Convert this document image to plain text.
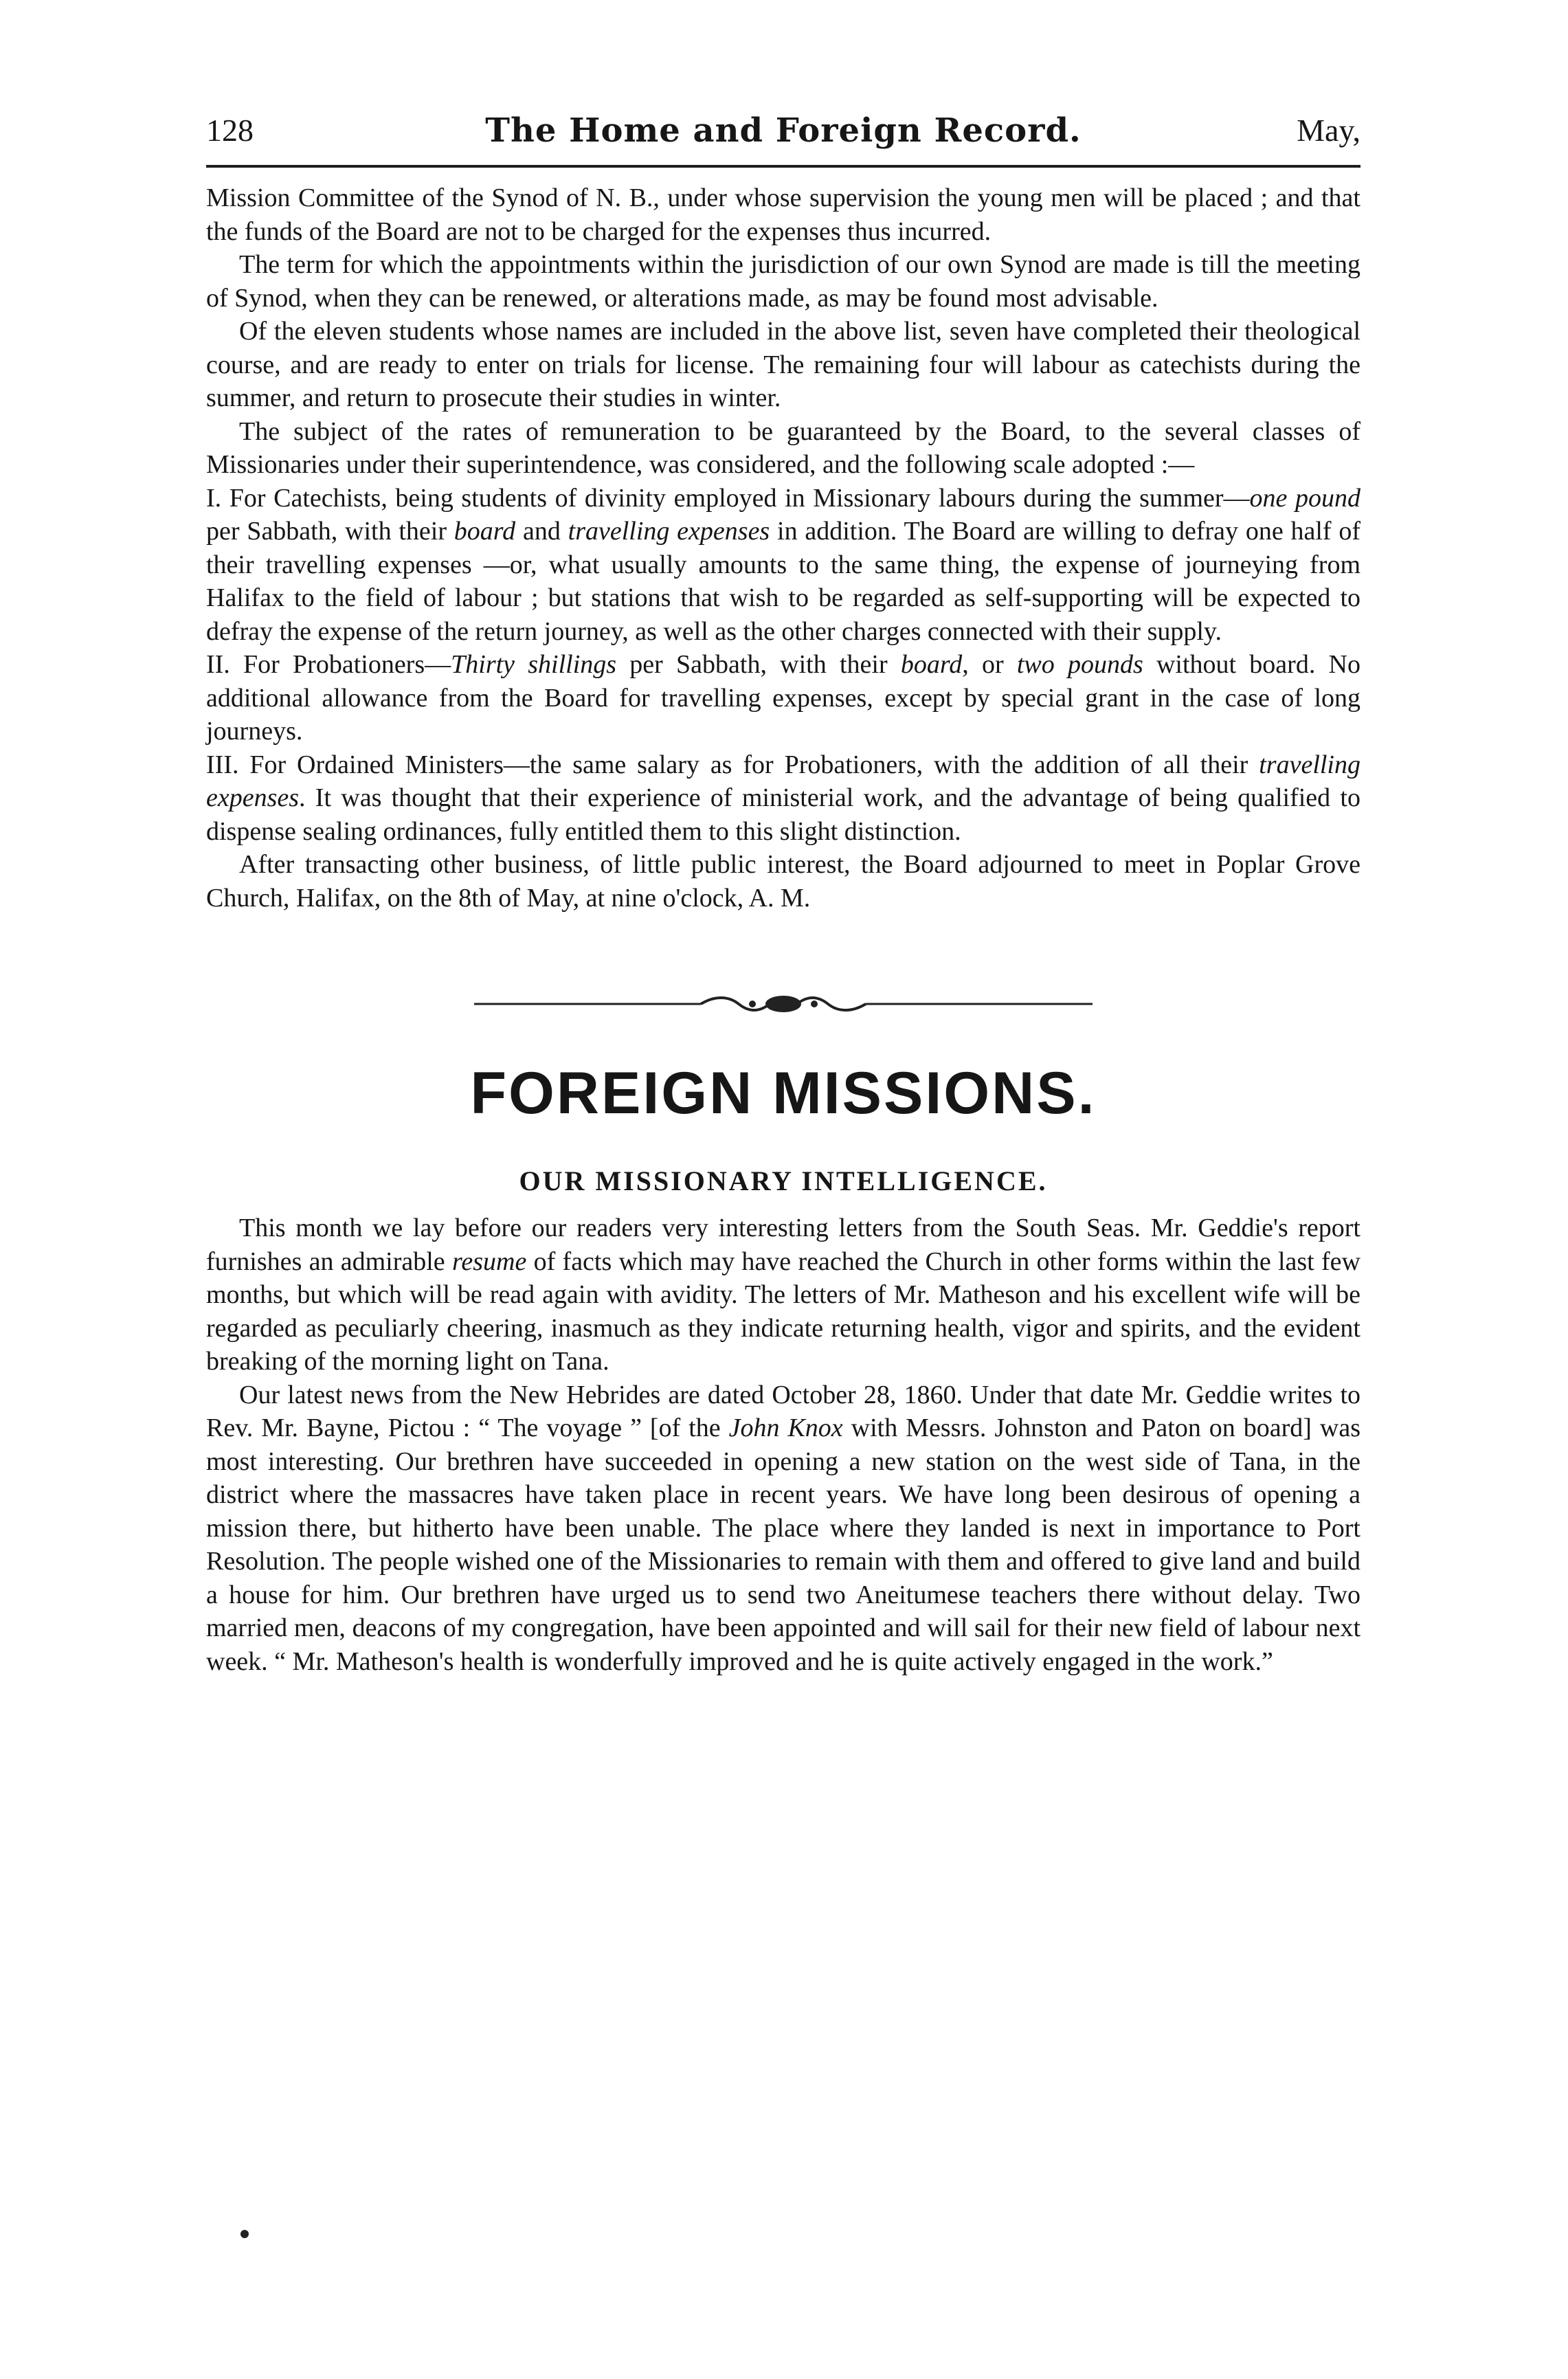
128	The Home and Foreign Record.	May,

Mission Committee of the Synod of N. B., under whose supervision the young men will be placed ; and that the funds of the Board are not to be charged for the expenses thus incurred.

The term for which the appointments within the jurisdiction of our own Synod are made is till the meeting of Synod, when they can be renewed, or alterations made, as may be found most advisable.

Of the eleven students whose names are included in the above list, seven have completed their theological course, and are ready to enter on trials for license. The remaining four will labour as catechists during the summer, and return to prosecute their studies in winter.

The subject of the rates of remuneration to be guaranteed by the Board, to the several classes of Missionaries under their superintendence, was considered, and the following scale adopted :—

I. For Catechists, being students of divinity employed in Missionary labours during the summer—one pound per Sabbath, with their board and travelling expenses in addition. The Board are willing to defray one half of their travelling expenses —or, what usually amounts to the same thing, the expense of journeying from Halifax to the field of labour ; but stations that wish to be regarded as self-supporting will be expected to defray the expense of the return journey, as well as the other charges connected with their supply.

II. For Probationers—Thirty shillings per Sabbath, with their board, or two pounds without board. No additional allowance from the Board for travelling expenses, except by special grant in the case of long journeys.

III. For Ordained Ministers—the same salary as for Probationers, with the addition of all their travelling expenses. It was thought that their experience of ministerial work, and the advantage of being qualified to dispense sealing ordinances, fully entitled them to this slight distinction.

After transacting other business, of little public interest, the Board adjourned to meet in Poplar Grove Church, Halifax, on the 8th of May, at nine o'clock, A. M.

FOREIGN MISSIONS.
OUR MISSIONARY INTELLIGENCE.

This month we lay before our readers very interesting letters from the South Seas. Mr. Geddie's report furnishes an admirable resume of facts which may have reached the Church in other forms within the last few months, but which will be read again with avidity. The letters of Mr. Matheson and his excellent wife will be regarded as peculiarly cheering, inasmuch as they indicate returning health, vigor and spirits, and the evident breaking of the morning light on Tana.

Our latest news from the New Hebrides are dated October 28, 1860. Under that date Mr. Geddie writes to Rev. Mr. Bayne, Pictou : “ The voyage ” [of the John Knox with Messrs. Johnston and Paton on board] was most interesting. Our brethren have succeeded in opening a new station on the west side of Tana, in the district where the massacres have taken place in recent years. We have long been desirous of opening a mission there, but hitherto have been unable. The place where they landed is next in importance to Port Resolution. The people wished one of the Missionaries to remain with them and offered to give land and build a house for him. Our brethren have urged us to send two Aneitumese teachers there without delay. Two married men, deacons of my congregation, have been appointed and will sail for their new field of labour next week. “ Mr. Matheson's health is wonderfully improved and he is quite actively engaged in the work.”
